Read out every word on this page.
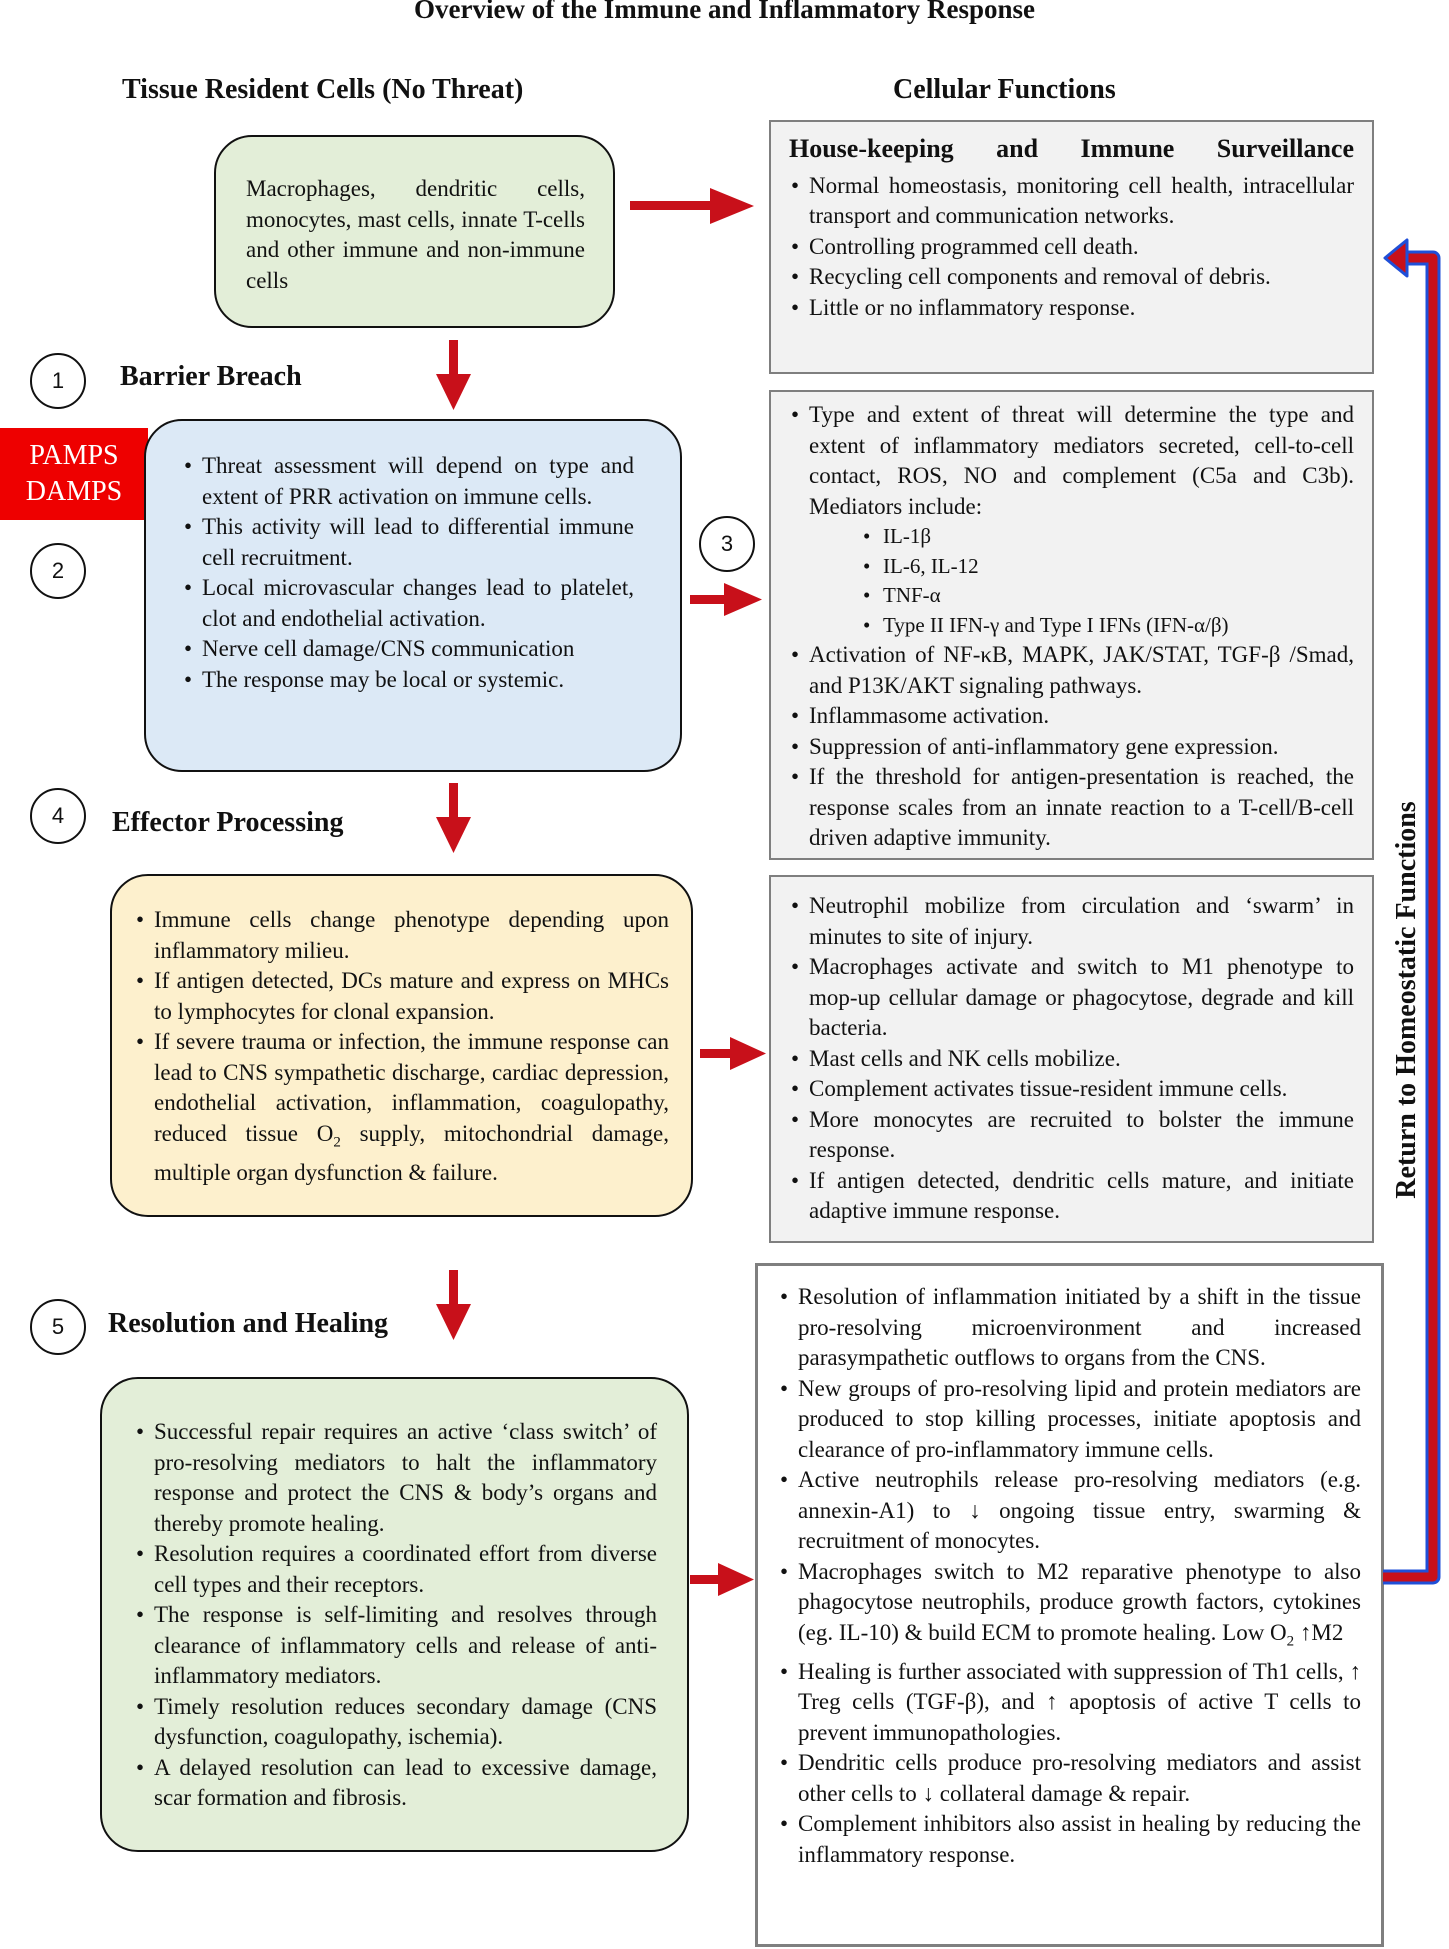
Overview of the Immune and Inflammatory Response
Tissue Resident Cells (No Threat)	Cellular Functions
Macrophages, dendritic cells, monocytes, mast cells, innate T-cells and other immune and non-immune cells
House-keeping and Immune Surveillance
• Normal homeostasis, monitoring cell health, intracellular transport and communication networks.
• Controlling programmed cell death.
• Recycling cell components and removal of debris.
• Little or no inflammatory response.
1	Barrier Breach
PAMPS
DAMPS
2
• Threat assessment will depend on type and extent of PRR activation on immune cells.
• This activity will lead to differential immune cell recruitment.
• Local microvascular changes lead to platelet, clot and endothelial activation.
• Nerve cell damage/CNS communication
• The response may be local or systemic.
3
• Type and extent of threat will determine the type and extent of inflammatory mediators secreted, cell-to-cell contact, ROS, NO and complement (C5a and C3b). Mediators include:
• IL-1β
• IL-6, IL-12
• TNF-α
• Type II IFN-γ and Type I IFNs (IFN-α/β)
• Activation of NF-κB, MAPK, JAK/STAT, TGF-β /Smad, and P13K/AKT signaling pathways.
• Inflammasome activation.
• Suppression of anti-inflammatory gene expression.
• If the threshold for antigen-presentation is reached, the response scales from an innate reaction to a T-cell/B-cell driven adaptive immunity.
4	Effector Processing
• Immune cells change phenotype depending upon inflammatory milieu.
• If antigen detected, DCs mature and express on MHCs to lymphocytes for clonal expansion.
• If severe trauma or infection, the immune response can lead to CNS sympathetic discharge, cardiac depression, endothelial activation, inflammation, coagulopathy, reduced tissue $O_2$ supply, mitochondrial damage, multiple organ dysfunction & failure.
• Neutrophil mobilize from circulation and ‘swarm’ in minutes to site of injury.
• Macrophages activate and switch to M1 phenotype to mop-up cellular damage or phagocytose, degrade and kill bacteria.
• Mast cells and NK cells mobilize.
• Complement activates tissue-resident immune cells.
• More monocytes are recruited to bolster the immune response.
• If antigen detected, dendritic cells mature, and initiate adaptive immune response.
5	Resolution and Healing
• Successful repair requires an active ‘class switch’ of pro-resolving mediators to halt the inflammatory response and protect the CNS & body’s organs and thereby promote healing.
• Resolution requires a coordinated effort from diverse cell types and their receptors.
• The response is self-limiting and resolves through clearance of inflammatory cells and release of anti-inflammatory mediators.
• Timely resolution reduces secondary damage (CNS dysfunction, coagulopathy, ischemia).
• A delayed resolution can lead to excessive damage, scar formation and fibrosis.
• Resolution of inflammation initiated by a shift in the tissue pro-resolving microenvironment and increased parasympathetic outflows to organs from the CNS.
• New groups of pro-resolving lipid and protein mediators are produced to stop killing processes, initiate apoptosis and clearance of pro-inflammatory immune cells.
• Active neutrophils release pro-resolving mediators (e.g. annexin-A1) to ↓ ongoing tissue entry, swarming & recruitment of monocytes.
• Macrophages switch to M2 reparative phenotype to also phagocytose neutrophils, produce growth factors, cytokines (eg. IL-10) & build ECM to promote healing. Low $O_2$ ↑M2
• Healing is further associated with suppression of Th1 cells, ↑ Treg cells (TGF-β), and ↑ apoptosis of active T cells to prevent immunopathologies.
• Dendritic cells produce pro-resolving mediators and assist other cells to ↓ collateral damage & repair.
• Complement inhibitors also assist in healing by reducing the inflammatory response.
Return to Homeostatic Functions
